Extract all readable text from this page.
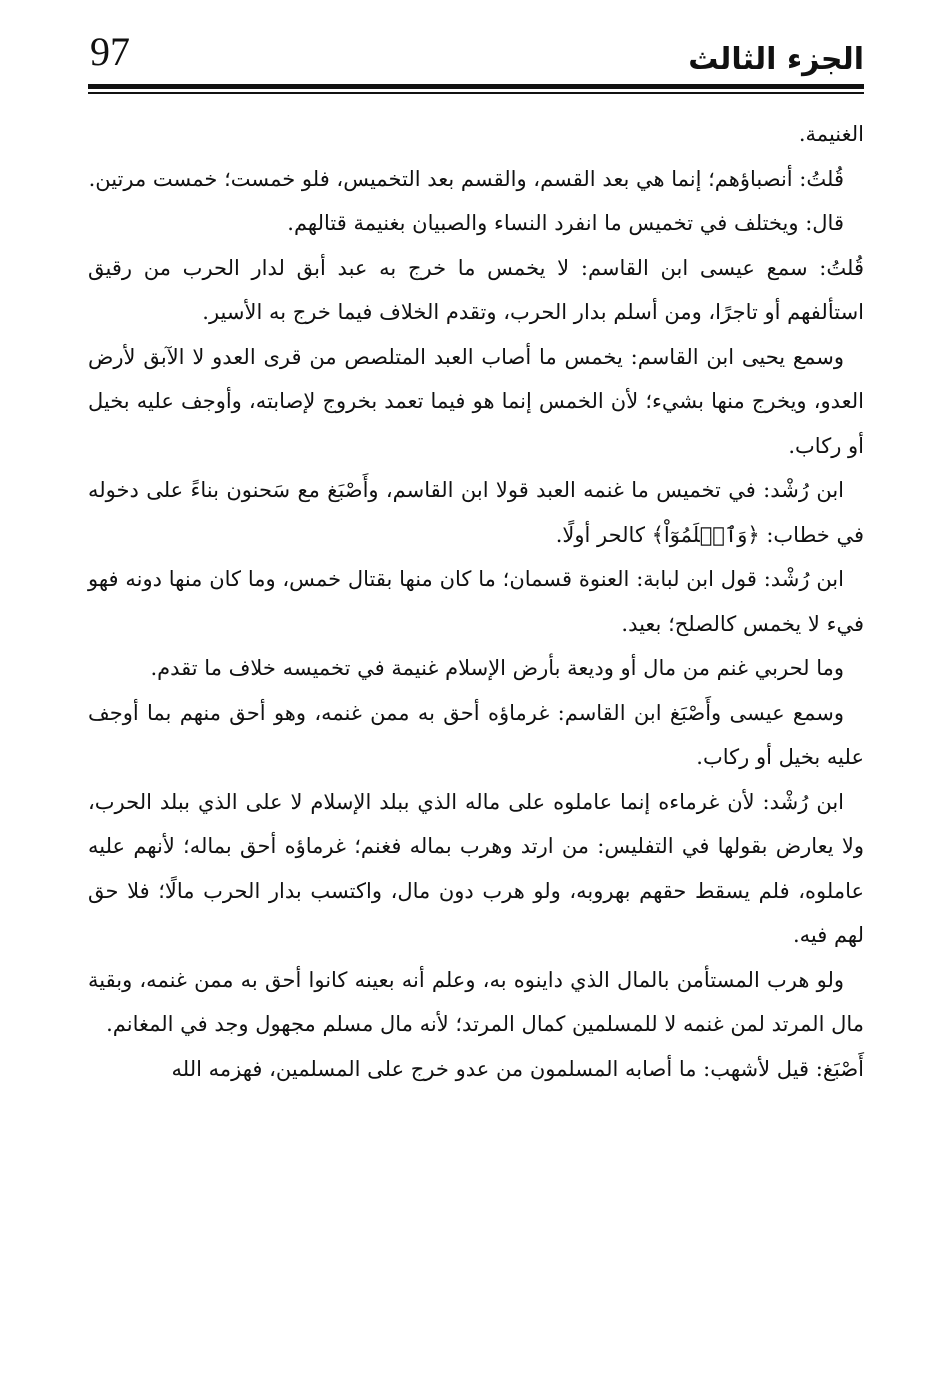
97	الجزء الثالث

الغنيمة.

قُلتُ: أنصباؤهم؛ إنما هي بعد القسم، والقسم بعد التخميس، فلو خمست؛ خمست مرتين.

قال: ويختلف في تخميس ما انفرد النساء والصبيان بغنيمة قتالهم.

قُلتُ: سمع عيسى ابن القاسم: لا يخمس ما خرج به عبد أبق لدار الحرب من رقيق استألفهم أو تاجرًا، ومن أسلم بدار الحرب، وتقدم الخلاف فيما خرج به الأسير.

وسمع يحيى ابن القاسم: يخمس ما أصاب العبد المتلصص من قرى العدو لا الآبق لأرض العدو، ويخرج منها بشيء؛ لأن الخمس إنما هو فيما تعمد بخروج لإصابته، وأوجف عليه بخيل أو ركاب.

ابن رُشْد: في تخميس ما غنمه العبد قولا ابن القاسم، وأَصْبَغ مع سَحنون بناءً على دخوله في خطاب: ﴿وَٱعۡلَمُوٓاْ﴾ كالحر أولًا.

ابن رُشْد: قول ابن لبابة: العنوة قسمان؛ ما كان منها بقتال خمس، وما كان منها دونه فهو فيء لا يخمس كالصلح؛ بعيد.

وما لحربي غنم من مال أو وديعة بأرض الإسلام غنيمة في تخميسه خلاف ما تقدم.

وسمع عيسى وأَصْبَغ ابن القاسم: غرماؤه أحق به ممن غنمه، وهو أحق منهم بما أوجف عليه بخيل أو ركاب.

ابن رُشْد: لأن غرماءه إنما عاملوه على ماله الذي ببلد الإسلام لا على الذي ببلد الحرب، ولا يعارض بقولها في التفليس: من ارتد وهرب بماله فغنم؛ غرماؤه أحق بماله؛ لأنهم عليه عاملوه، فلم يسقط حقهم بهروبه، ولو هرب دون مال، واكتسب بدار الحرب مالًا؛ فلا حق لهم فيه.

ولو هرب المستأمن بالمال الذي داينوه به، وعلم أنه بعينه كانوا أحق به ممن غنمه، وبقية مال المرتد لمن غنمه لا للمسلمين كمال المرتد؛ لأنه مال مسلم مجهول وجد في المغانم.

أَصْبَغ: قيل لأشهب: ما أصابه المسلمون من عدو خرج على المسلمين، فهزمه الله
